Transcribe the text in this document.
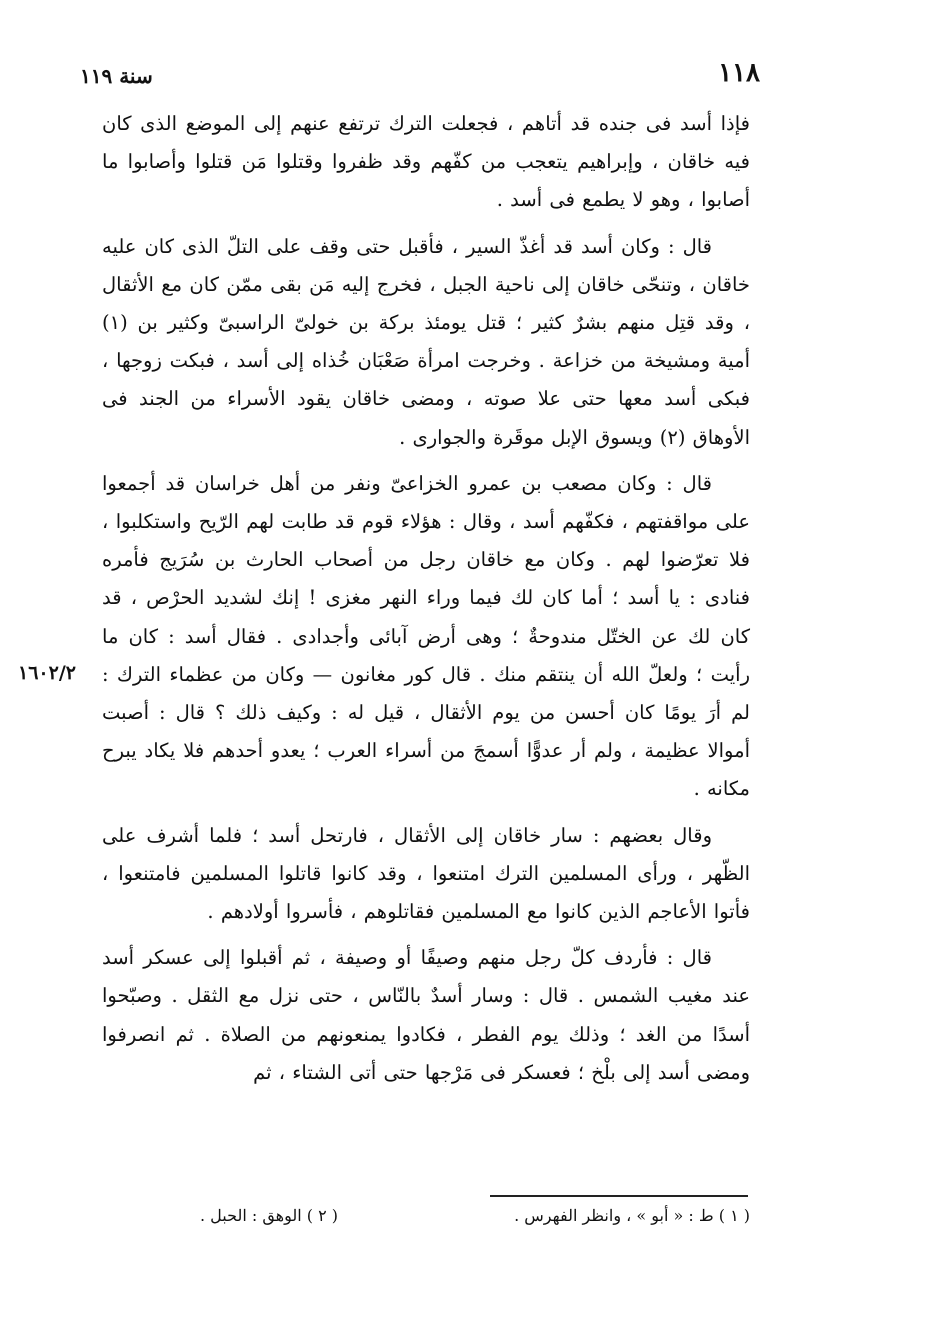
١١٨
سنة ١١٩

فإذا أسد فى جنده قد أتاهم ، فجعلت الترك ترتفع عنهم إلى الموضع الذى كان فيه خاقان ، وإبراهيم يتعجب من كفّهم وقد ظفروا وقتلوا مَن قتلوا وأصابوا ما أصابوا ، وهو لا يطمع فى أسد .

قال : وكان أسد قد أغذّ السير ، فأقبل حتى وقف على التلّ الذى كان عليه خاقان ، وتنحّى خاقان إلى ناحية الجبل ، فخرج إليه مَن بقى ممّن كان مع الأثقال ، وقد قتِل منهم بشرٌ كثير ؛ قتل يومئذ بركة بن خولىّ الراسبىّ وكثير بن (١) أمية ومشيخة من خزاعة . وخرجت امرأة صَعْبَان خُذاه إلى أسد ، فبكت زوجها ، فبكى أسد معها حتى علا صوته ، ومضى خاقان يقود الأسراء من الجند فى الأوهاق (٢) ويسوق الإبل موقَرة والجوارى .

قال : وكان مصعب بن عمرو الخزاعىّ ونفر من أهل خراسان قد أجمعوا على مواقفتهم ، فكفّهم أسد ، وقال : هؤلاء قوم قد طابت لهم الرّيح واستكلبوا ، فلا تعرّضوا لهم . وكان مع خاقان رجل من أصحاب الحارث بن سُرَيج فأمره فنادى : يا أسد ؛ أما كان لك فيما وراء النهر مغزى ! إنك لشديد الحرْص ، قد كان لك عن الختّل مندوحةٌ ؛ وهى أرض آبائى وأجدادى . فقال أسد : كان ما رأيت ؛ ولعلّ الله أن ينتقم منك . قال كور مغانون — وكان من عظماء الترك : لم أرَ يومًا كان أحسن من يوم الأثقال ، قيل له : وكيف ذلك ؟ قال : أصبت أموالا عظيمة ، ولم أر عدوًّا أسمجَ من أسراء العرب ؛ يعدو أحدهم فلا يكاد يبرح مكانه .

وقال بعضهم : سار خاقان إلى الأثقال ، فارتحل أسد ؛ فلما أشرف على الظّهر ، ورأى المسلمين الترك امتنعوا ، وقد كانوا قاتلوا المسلمين فامتنعوا ، فأتوا الأعاجم الذين كانوا مع المسلمين فقاتلوهم ، فأسروا أولادهم .

قال : فأردف كلّ رجل منهم وصيفًا أو وصيفة ، ثم أقبلوا إلى عسكر أسد عند مغيب الشمس . قال : وسار أسدٌ بالنّاس ، حتى نزل مع الثقل . وصبّحوا أسدًا من الغد ؛ وذلك يوم الفطر ، فكادوا يمنعونهم من الصلاة . ثم انصرفوا ومضى أسد إلى بلْخ ؛ فعسكر فى مَرْجها حتى أتى الشتاء ، ثم

١٦٠٢/٢
( ١ ) ط : « أبو » ، وانظر الفهرس .
( ٢ ) الوهق : الحبل .
